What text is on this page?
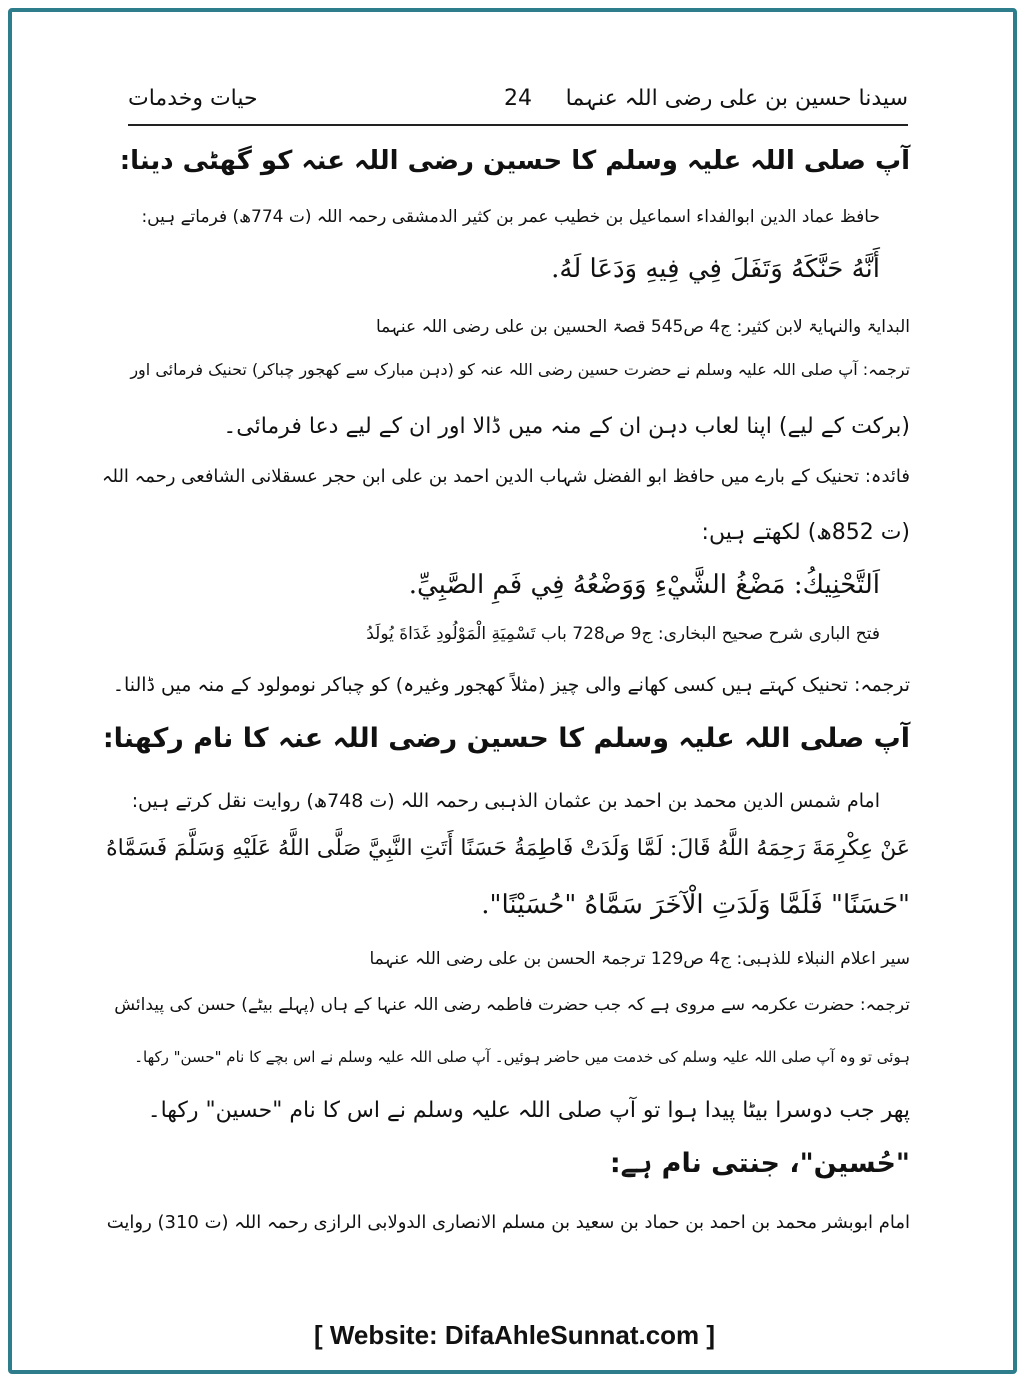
سیدنا حسین بن علی رضی اللہ عنہما
24
حیات وخدمات
آپ صلی اللہ علیہ وسلم کا حسین رضی اللہ عنہ کو گھٹی دینا:
حافظ عماد الدین ابوالفداء اسماعیل بن خطیب عمر بن کثیر الدمشقی رحمہ اللہ (ت 774ھ) فرماتے ہیں:
أَنَّهُ حَنَّكَهُ وَتَفَلَ فِي فِيهِ وَدَعَا لَهُ.
البدایۃ والنہایۃ لابن کثیر: ج4 ص545 قصۃ الحسین بن علی رضی اللہ عنہما
ترجمہ: آپ صلی اللہ علیہ وسلم نے حضرت حسین رضی اللہ عنہ کو (دہن مبارک سے کھجور چباکر) تحنیک فرمائی اور
(برکت کے لیے) اپنا لعاب دہن ان کے منہ میں ڈالا اور ان کے لیے دعا فرمائی۔
فائدہ: تحنیک کے بارے میں حافظ ابو الفضل شہاب الدین احمد بن علی ابن حجر عسقلانی الشافعی رحمہ اللہ
(ت 852ھ) لکھتے ہیں:
اَلتَّحْنِيكُ: مَضْغُ الشَّيْءِ وَوَضْعُهُ فِي فَمِ الصَّبِيِّ.
فتح الباری شرح صحیح البخاری: ج9 ص728 باب تَسْمِيَةِ الْمَوْلُودِ غَدَاةَ يُولَدُ
ترجمہ: تحنیک کہتے ہیں کسی کھانے والی چیز (مثلاً کھجور وغیرہ) کو چباکر نومولود کے منہ میں ڈالنا۔
آپ صلی اللہ علیہ وسلم کا حسین رضی اللہ عنہ کا نام رکھنا:
امام شمس الدین محمد بن احمد بن عثمان الذہبی رحمہ اللہ (ت 748ھ) روایت نقل کرتے ہیں:
عَنْ عِكْرِمَةَ رَحِمَهُ اللَّهُ قَالَ: لَمَّا وَلَدَتْ فَاطِمَةُ حَسَنًا أَتَتِ النَّبِيَّ صَلَّى اللَّهُ عَلَيْهِ وَسَلَّمَ فَسَمَّاهُ
"حَسَنًا" فَلَمَّا وَلَدَتِ الْآخَرَ سَمَّاهُ "حُسَيْنًا".
سیر اعلام النبلاء للذہبی: ج4 ص129 ترجمۃ الحسن بن علی رضی اللہ عنہما
ترجمہ: حضرت عکرمہ سے مروی ہے کہ جب حضرت فاطمہ رضی اللہ عنہا کے ہاں (پہلے بیٹے) حسن کی پیدائش
ہوئی تو وہ آپ صلی اللہ علیہ وسلم کی خدمت میں حاضر ہوئیں۔ آپ صلی اللہ علیہ وسلم نے اس بچے کا نام "حسن" رکھا۔
پھر جب دوسرا بیٹا پیدا ہوا تو آپ صلی اللہ علیہ وسلم نے اس کا نام "حسین" رکھا۔
"حُسین"، جنتی نام ہے:
امام ابوبشر محمد بن احمد بن حماد بن سعید بن مسلم الانصاری الدولابی الرازی رحمہ اللہ (ت 310) روایت
[ Website: DifaAhleSunnat.com ]
